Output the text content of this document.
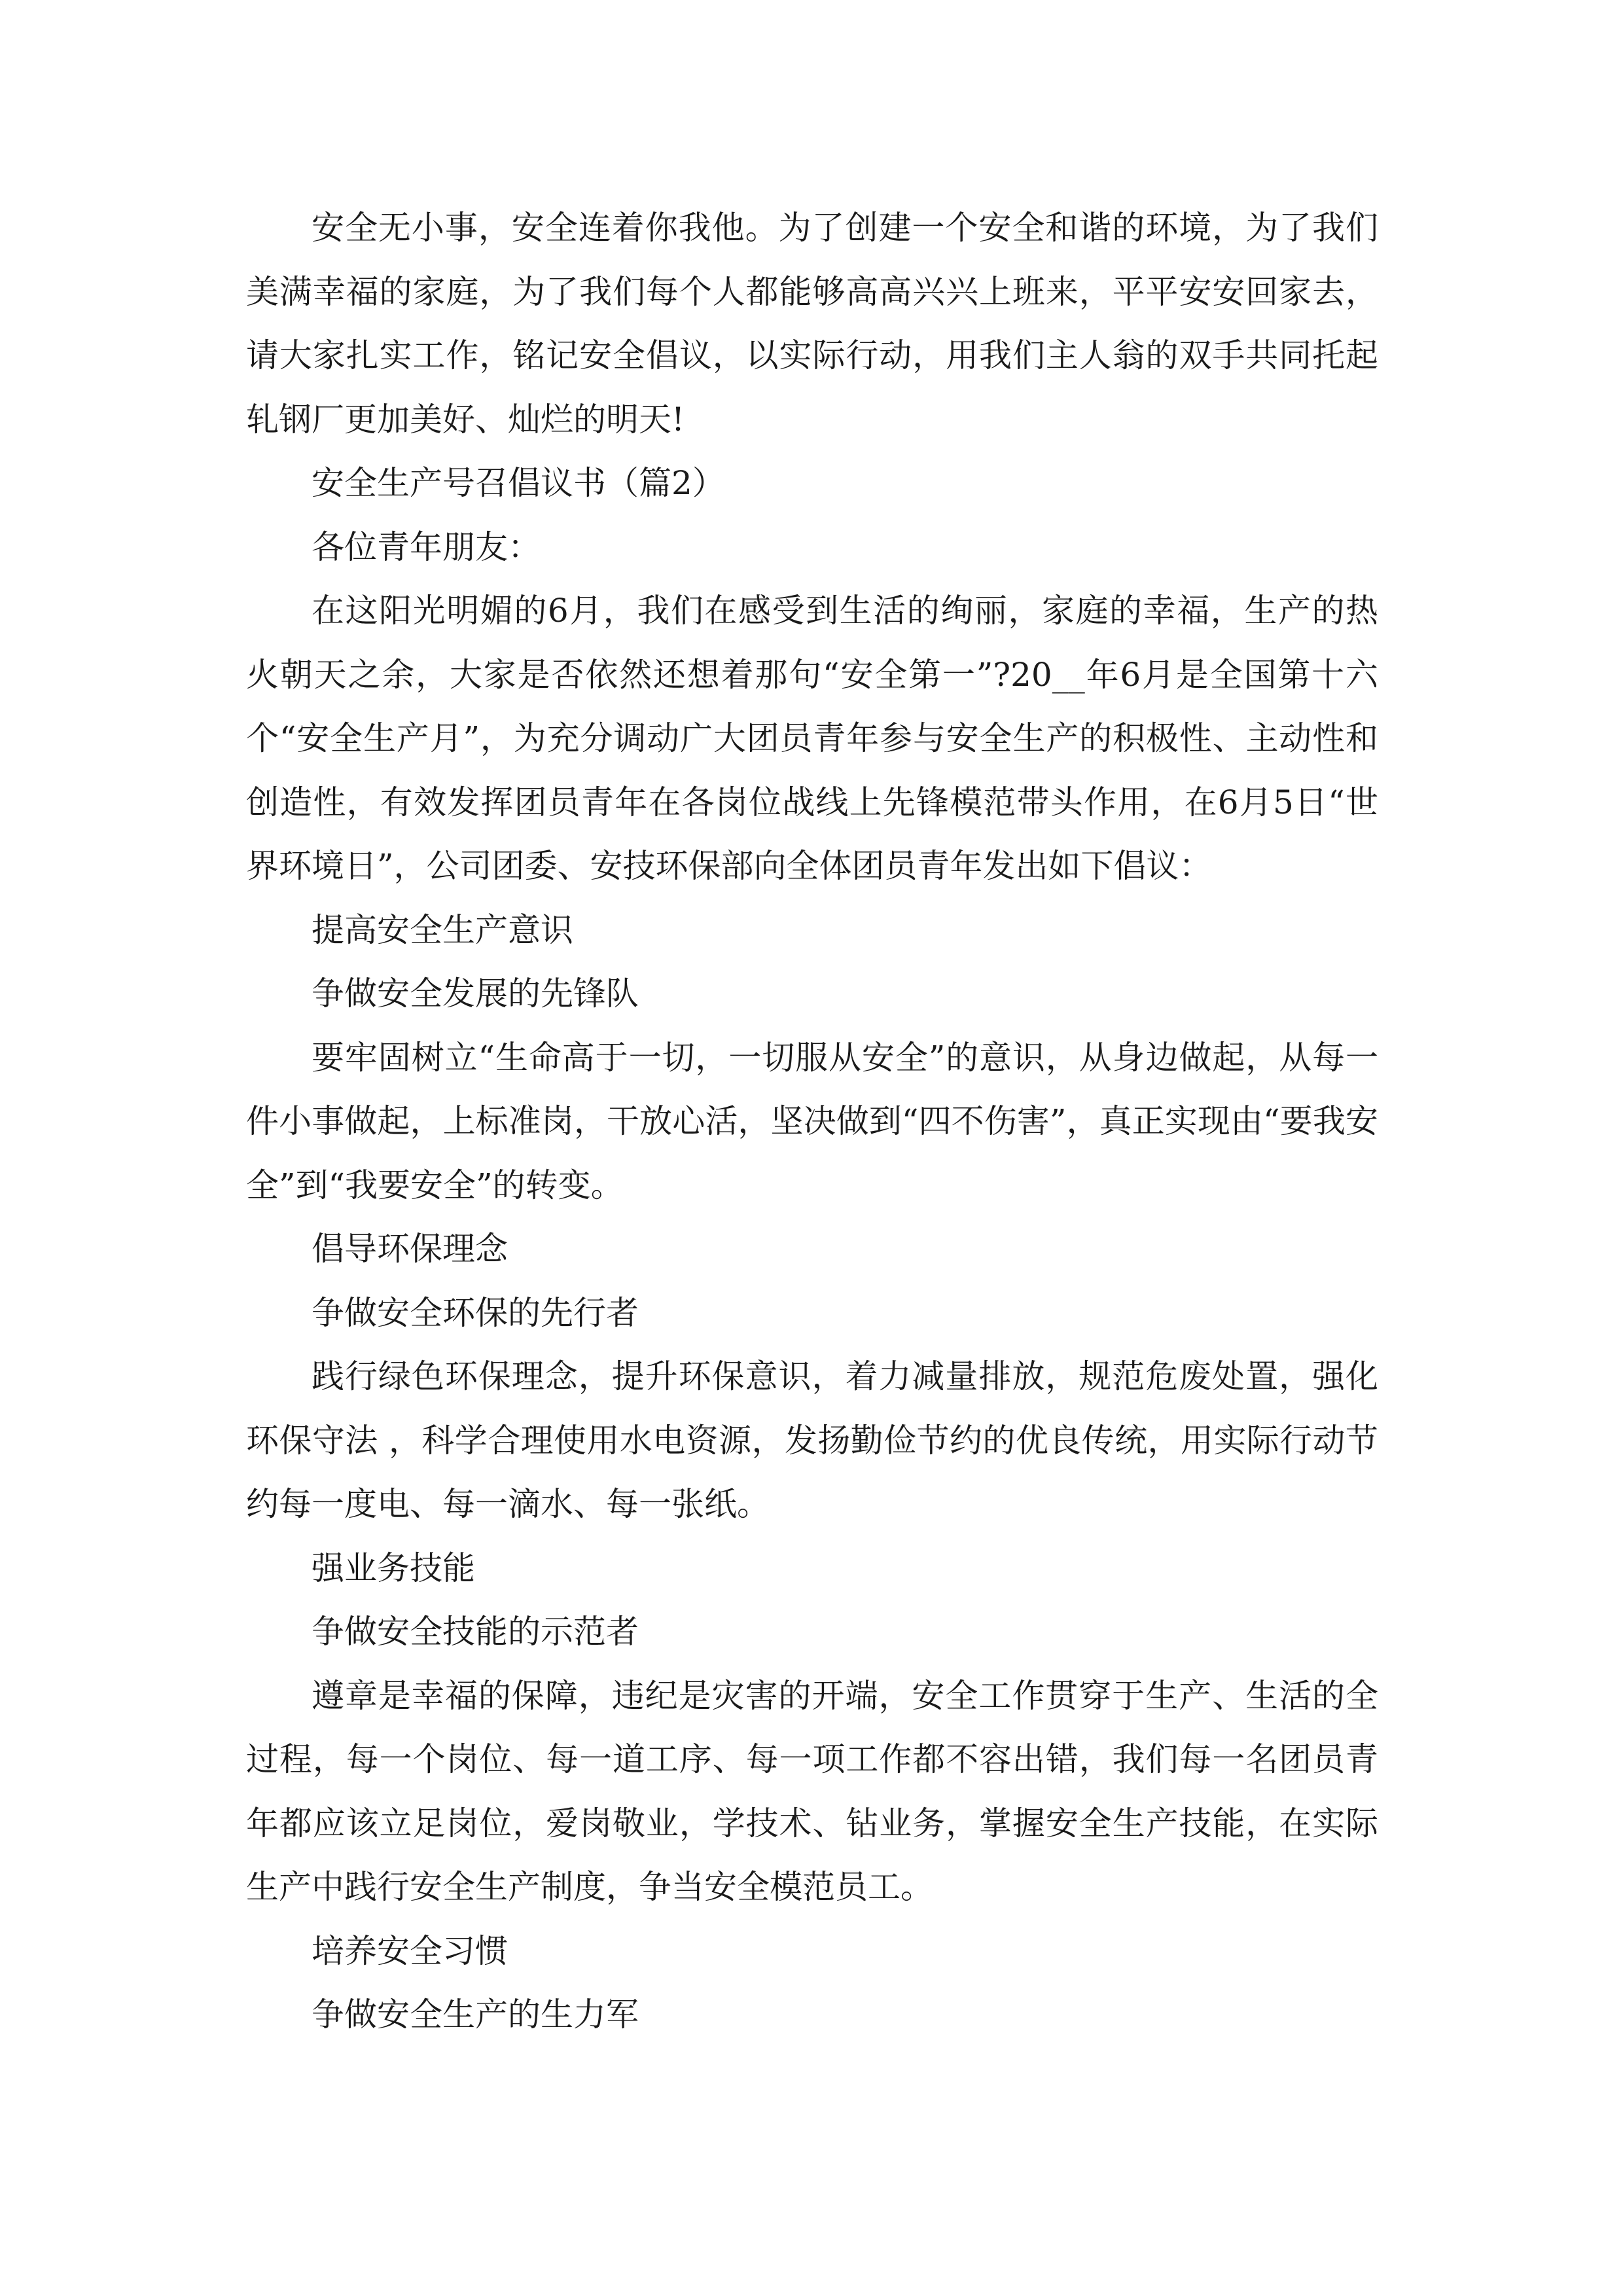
安全无小事，安全连着你我他。为了创建一个安全和谐的环境，为了我们美满幸福的家庭，为了我们每个人都能够高高兴兴上班来，平平安安回家去，请大家扎实工作，铭记安全倡议，以实际行动，用我们主人翁的双手共同托起轧钢厂更加美好、灿烂的明天!

安全生产号召倡议书（篇2）

各位青年朋友：

在这阳光明媚的6月，我们在感受到生活的绚丽，家庭的幸福，生产的热火朝天之余，大家是否依然还想着那句“安全第一”?20__年6月是全国第十六个“安全生产月”，为充分调动广大团员青年参与安全生产的积极性、主动性和创造性，有效发挥团员青年在各岗位战线上先锋模范带头作用，在6月5日“世界环境日”，公司团委、安技环保部向全体团员青年发出如下倡议：

提高安全生产意识

争做安全发展的先锋队

要牢固树立“生命高于一切，一切服从安全”的意识，从身边做起，从每一件小事做起，上标准岗，干放心活，坚决做到“四不伤害”，真正实现由“要我安全”到“我要安全”的转变。

倡导环保理念

争做安全环保的先行者

践行绿色环保理念，提升环保意识，着力减量排放，规范危废处置，强化环保守法 ，科学合理使用水电资源，发扬勤俭节约的优良传统，用实际行动节约每一度电、每一滴水、每一张纸。

强业务技能

争做安全技能的示范者

遵章是幸福的保障，违纪是灾害的开端，安全工作贯穿于生产、生活的全过程，每一个岗位、每一道工序、每一项工作都不容出错，我们每一名团员青年都应该立足岗位，爱岗敬业，学技术、钻业务，掌握安全生产技能，在实际生产中践行安全生产制度，争当安全模范员工。

培养安全习惯

争做安全生产的生力军
